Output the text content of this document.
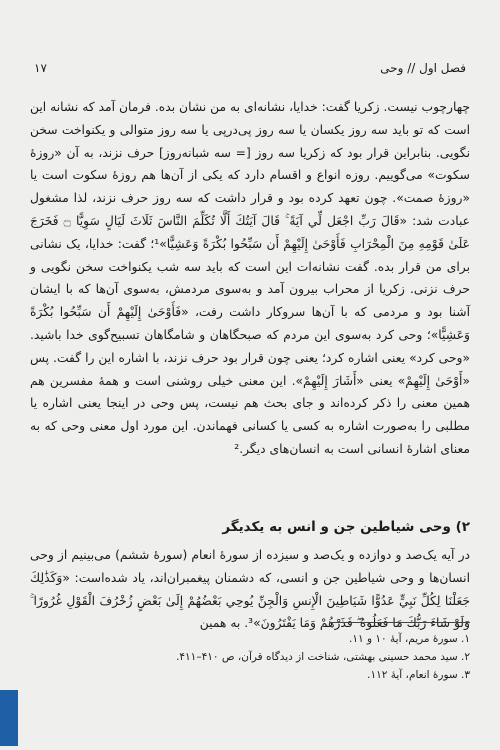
فصل اول // وحی
۱۷

چهارچوب نیست. زکریا گفت: خدایا، نشانه‌ای به من نشان بده. فرمان آمد که نشانه این است که تو باید سه روز یکسان یا سه روز پی‌درپی یا سه روز متوالی و یکنواخت سخن نگویی. بنابراین قرار بود که زکریا سه روز [= سه شبانه‌روز] حرف نزند، به آن «روزهٔ سکوت» می‌گوییم. روزه انواع و اقسام دارد که یکی از آن‌ها هم روزهٔ سکوت است یا «روزهٔ صمت». چون تعهد کرده بود و قرار داشت که سه روز حرف نزند، لذا مشغول عبادت شد: «قَالَ رَبِّ اجْعَل لِّي آيَةً ۚ قَالَ آيَتُكَ أَلَّا تُكَلِّمَ النَّاسَ ثَلَاثَ لَيَالٍ سَوِيًّا ۝ فَخَرَجَ عَلَىٰ قَوْمِهِ مِنَ الْمِحْرَابِ فَأَوْحَىٰ إِلَيْهِمْ أَن سَبِّحُوا بُكْرَةً وَعَشِيًّا»¹؛ گفت: خدایا، یک نشانی برای من قرار بده. گفت نشانه‌ات این است که باید سه شب یکنواخت سخن نگویی و حرف نزنی. زکریا از محراب بیرون آمد و به‌سوی مردمش، به‌سوی آن‌ها که با ایشان آشنا بود و مردمی که با آن‌ها سروکار داشت رفت، «فَأَوْحَىٰ إِلَيْهِمْ أَن سَبِّحُوا بُكْرَةً وَعَشِيًّا»؛ وحی کرد به‌سوی این مردم که صبحگاهان و شامگاهان تسبیح‌گوی خدا باشید. «وحی کرد» یعنی اشاره کرد؛ یعنی چون قرار بود حرف نزند، با اشاره این را گفت. پس «أَوْحَىٰ إِلَيْهِمْ» یعنی «أَشَارَ إِلَيْهِمْ». این معنی خیلی روشنی است و همهٔ مفسرین هم همین معنی را ذکر کرده‌اند و جای بحث هم نیست، پس وحی در اینجا یعنی اشاره یا مطلبی را به‌صورت اشاره به کسی یا کسانی فهماندن. این مورد اول معنی وحی که به معنای اشارهٔ انسانی است به انسان‌های دیگر.²

۲) وحی شیاطین جن و انس به یکدیگر
در آیه یک‌صد و دوازده و یک‌صد و سیزده از سورهٔ انعام (سورهٔ ششم) می‌بینیم از وحی انسان‌ها و وحی شیاطین جن و انسی، که دشمنان پیغمبران‌اند، یاد شده‌است: «وَكَذَٰلِكَ جَعَلْنَا لِكُلِّ نَبِيٍّ عَدُوًّا شَيَاطِينَ الْإِنسِ وَالْجِنِّ يُوحِي بَعْضُهُمْ إِلَىٰ بَعْضٍ زُخْرُفَ الْقَوْلِ غُرُورًا ۚ وَلَوْ شَاءَ رَبُّكَ مَا فَعَلُوهُ ۖ فَذَرْهُمْ وَمَا يَفْتَرُونَ»³. به همین
۱. سورهٔ مریم، آیهٔ ۱۰ و ۱۱.
۲. سید محمد حسینی بهشتی، شناخت از دیدگاه قرآن، ص ۴۱۰–۴۱۱.
۳. سورهٔ انعام، آیهٔ ۱۱۲.
